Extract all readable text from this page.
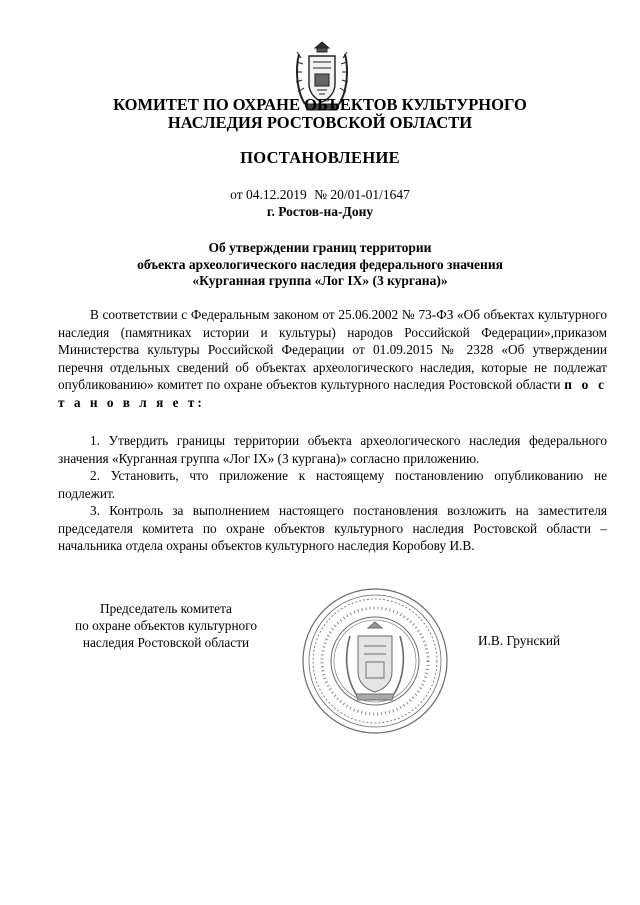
КОМИТЕТ ПО ОХРАНЕ ОБЪЕКТОВ КУЛЬТУРНОГО
НАСЛЕДИЯ РОСТОВСКОЙ ОБЛАСТИ
ПОСТАНОВЛЕНИЕ
от 04.12.2019 № 20/01-01/1647
г. Ростов-на-Дону
Об утверждении границ территории
объекта археологического наследия федерального значения
«Курганная группа «Лог IX» (3 кургана)»

В соответствии с Федеральным законом от 25.06.2002 № 73-ФЗ «Об объектах культурного наследия (памятниках истории и культуры) народов Российской Федерации»,приказом Министерства культуры Российской Федерации от 01.09.2015 № 2328 «Об утверждении перечня отдельных сведений об объектах археологического наследия, которые не подлежат опубликованию» комитет по охране объектов культурного наследия Ростовской области п о с т а н о в л я е т:

1. Утвердить границы территории объекта археологического наследия федерального значения «Курганная группа «Лог IX» (3 кургана)» согласно приложению.

2. Установить, что приложение к настоящему постановлению опубликованию не подлежит.

3. Контроль за выполнением настоящего постановления возложить на заместителя председателя комитета по охране объектов культурного наследия Ростовской области – начальника отдела охраны объектов культурного наследия Коробову И.В.

Председатель комитета
по охране объектов культурного
наследия Ростовской области	И.В. Грунский
